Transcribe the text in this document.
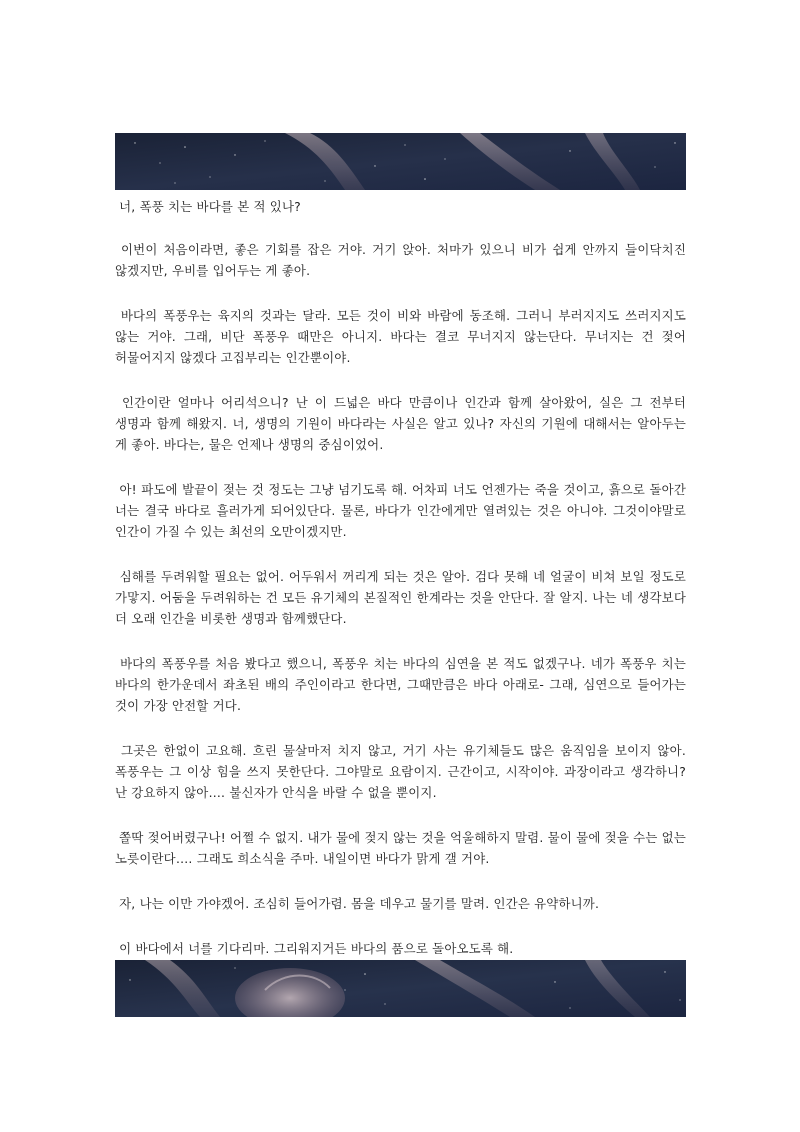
너, 폭풍 치는 바다를 본 적 있나?

이번이 처음이라면, 좋은 기회를 잡은 거야. 거기 앉아. 처마가 있으니 비가 쉽게 안까지 들이닥치진 않겠지만, 우비를 입어두는 게 좋아.

바다의 폭풍우는 육지의 것과는 달라. 모든 것이 비와 바람에 동조해. 그러니 부러지지도 쓰러지지도 않는 거야. 그래, 비단 폭풍우 때만은 아니지. 바다는 결코 무너지지 않는단다. 무너지는 건 젖어 허물어지지 않겠다 고집부리는 인간뿐이야.

인간이란 얼마나 어리석으니? 난 이 드넓은 바다 만큼이나 인간과 함께 살아왔어, 실은 그 전부터 생명과 함께 해왔지. 너, 생명의 기원이 바다라는 사실은 알고 있나? 자신의 기원에 대해서는 알아두는 게 좋아. 바다는, 물은 언제나 생명의 중심이었어.

아! 파도에 발끝이 젖는 것 정도는 그냥 넘기도록 해. 어차피 너도 언젠가는 죽을 것이고, 흙으로 돌아간 너는 결국 바다로 흘러가게 되어있단다. 물론, 바다가 인간에게만 열려있는 것은 아니야. 그것이야말로 인간이 가질 수 있는 최선의 오만이겠지만.

심해를 두려워할 필요는 없어. 어두워서 꺼리게 되는 것은 알아. 검다 못해 네 얼굴이 비쳐 보일 정도로 가맣지. 어둠을 두려워하는 건 모든 유기체의 본질적인 한계라는 것을 안단다. 잘 알지. 나는 네 생각보다 더 오래 인간을 비롯한 생명과 함께했단다.

바다의 폭풍우를 처음 봤다고 했으니, 폭풍우 치는 바다의 심연을 본 적도 없겠구나. 네가 폭풍우 치는 바다의 한가운데서 좌초된 배의 주인이라고 한다면, 그때만큼은 바다 아래로- 그래, 심연으로 들어가는 것이 가장 안전할 거다.

그곳은 한없이 고요해. 흐린 물살마저 치지 않고, 거기 사는 유기체들도 많은 움직임을 보이지 않아. 폭풍우는 그 이상 힘을 쓰지 못한단다. 그야말로 요람이지. 근간이고, 시작이야. 과장이라고 생각하니? 난 강요하지 않아…. 불신자가 안식을 바랄 수 없을 뿐이지.

쫄딱 젖어버렸구나! 어쩔 수 없지. 내가 물에 젖지 않는 것을 억울해하지 말렴. 물이 물에 젖을 수는 없는 노릇이란다…. 그래도 희소식을 주마. 내일이면 바다가 맑게 갤 거야.

자, 나는 이만 가야겠어. 조심히 들어가렴. 몸을 데우고 물기를 말려. 인간은 유약하니까.

이 바다에서 너를 기다리마. 그리워지거든 바다의 품으로 돌아오도록 해.
